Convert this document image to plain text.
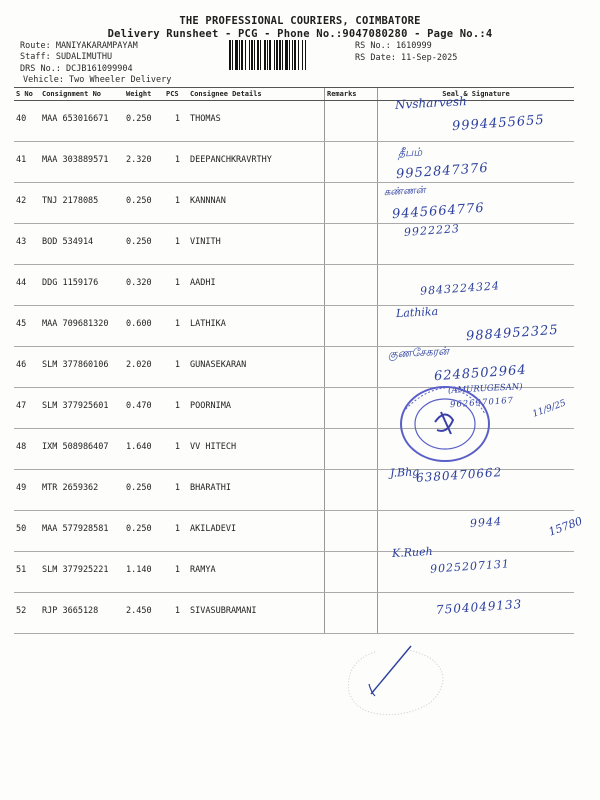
THE PROFESSIONAL COURIERS, COIMBATORE
Delivery Runsheet - PCG - Phone No.:9047080280 - Page No.:4
Route: MANIYAKARAMPAYAM
Staff: SUDALIMUTHU
DRS No.: DCJB161099904
Vehicle: Two Wheeler Delivery
RS No.: 1610999
RS Date: 11-Sep-2025
S No	Consignment No	Weight	PCS	Consignee Details	Remarks	Seal & Signature
40	MAA 653016671	0.250	1	THOMAS		
41	MAA 303889571	2.320	1	DEEPANCHKRAVRTHY		
42	TNJ 2178085	0.250	1	KANNNAN		
43	BOD 534914	0.250	1	VINITH		
44	DDG 1159176	0.320	1	AADHI		
45	MAA 709681320	0.600	1	LATHIKA		
46	SLM 377860106	2.020	1	GUNASEKARAN		
47	SLM 377925601	0.470	1	POORNIMA		
48	IXM 508986407	1.640	1	VV HITECH		
49	MTR 2659362	0.250	1	BHARATHI		
50	MAA 577928581	0.250	1	AKILADEVI		
51	SLM 377925221	1.140	1	RAMYA		
52	RJP 3665128	2.450	1	SIVASUBRAMANI		
Nvsharvesh
9994455655
தீபம்
9952847376
கண்ணன்
9445664776
9922223
9843224324
Lathika
9884952325
குணசேகரன்
6248502964
(AMURUGESAN)
9626970167
J.Bhg
6380470662
9944
K.Rueh
9025207131
7504049133
11/9/25
15780
